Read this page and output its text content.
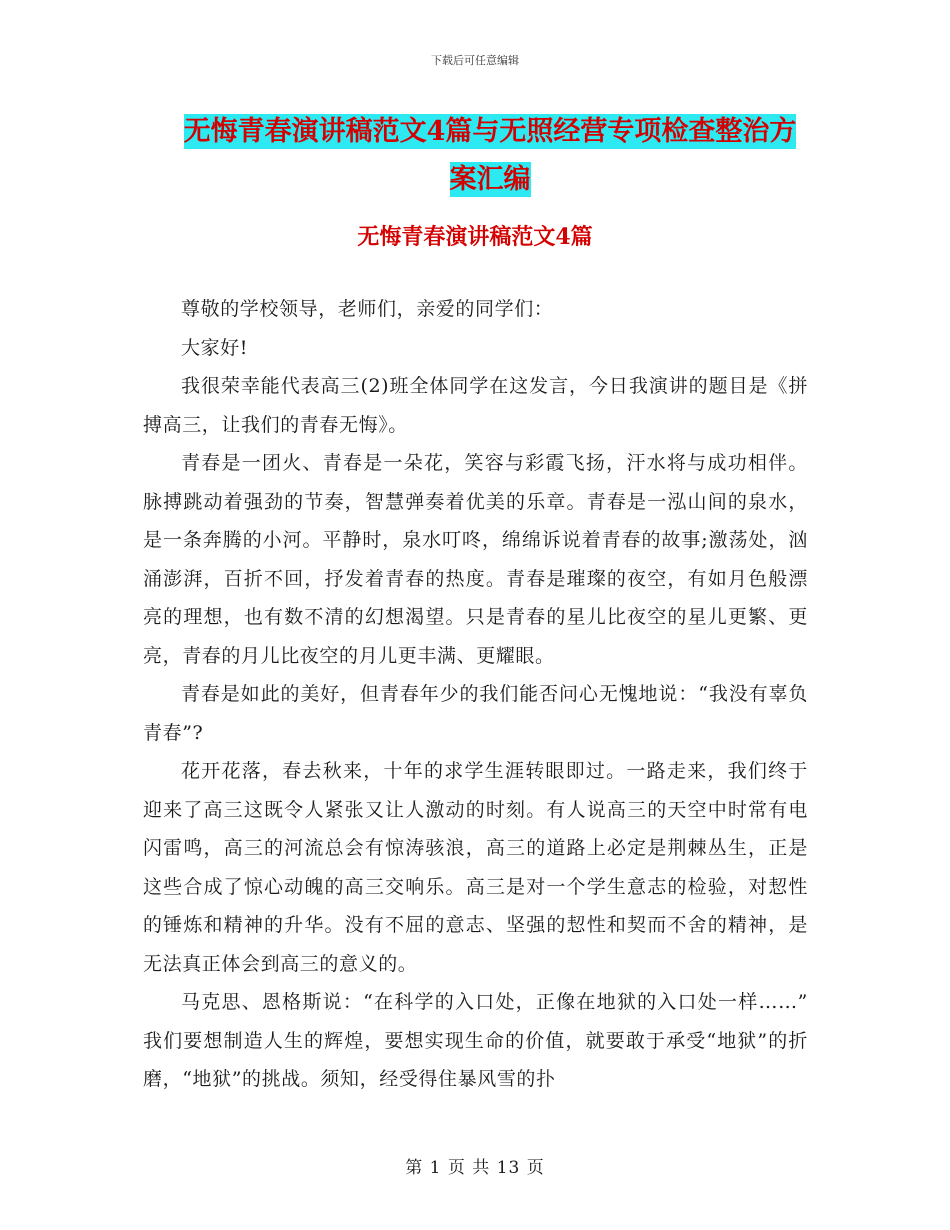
下载后可任意编辑
无悔青春演讲稿范文4篇与无照经营专项检查整治方
案汇编
无悔青春演讲稿范文4篇

尊敬的学校领导，老师们，亲爱的同学们：

大家好!

我很荣幸能代表高三(2)班全体同学在这发言，今日我演讲的题目是《拼搏高三，让我们的青春无悔》。

青春是一团火、青春是一朵花，笑容与彩霞飞扬，汗水将与成功相伴。脉搏跳动着强劲的节奏，智慧弹奏着优美的乐章。青春是一泓山间的泉水，是一条奔腾的小河。平静时，泉水叮咚，绵绵诉说着青春的故事;激荡处，汹涌澎湃，百折不回，抒发着青春的热度。青春是璀璨的夜空，有如月色般漂亮的理想，也有数不清的幻想渴望。只是青春的星儿比夜空的星儿更繁、更亮，青春的月儿比夜空的月儿更丰满、更耀眼。

青春是如此的美好，但青春年少的我们能否问心无愧地说：“我没有辜负青春”?

花开花落，春去秋来，十年的求学生涯转眼即过。一路走来，我们终于迎来了高三这既令人紧张又让人激动的时刻。有人说高三的天空中时常有电闪雷鸣，高三的河流总会有惊涛骇浪，高三的道路上必定是荆棘丛生，正是这些合成了惊心动魄的高三交响乐。高三是对一个学生意志的检验，对恝性的锤炼和精神的升华。没有不屈的意志、坚强的恝性和契而不舍的精神，是无法真正体会到高三的意义的。

马克思、恩格斯说：“在科学的入口处，正像在地狱的入口处一样……” 我们要想制造人生的辉煌，要想实现生命的价值，就要敢于承受“地狱”的折磨，“地狱”的挑战。须知，经受得住暴风雪的扑

第 1 页 共 13 页
